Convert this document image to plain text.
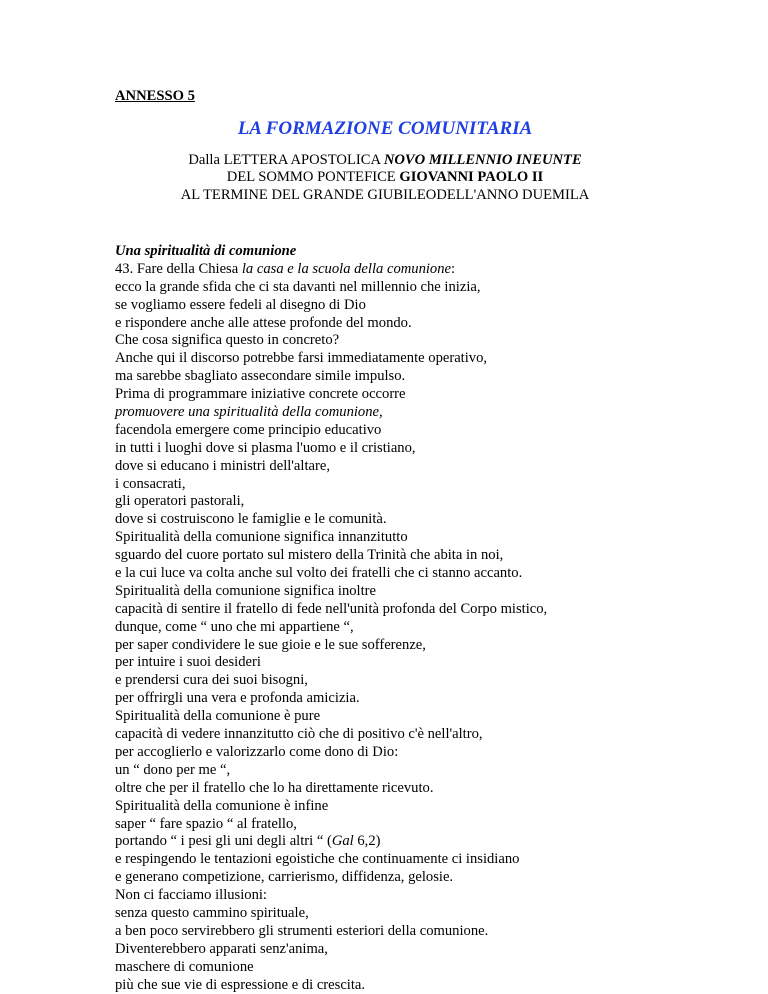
ANNESSO 5
LA FORMAZIONE COMUNITARIA
Dalla LETTERA APOSTOLICA NOVO MILLENNIO INEUNTE
DEL SOMMO PONTEFICE GIOVANNI PAOLO II
AL TERMINE DEL GRANDE GIUBILEODELL'ANNO DUEMILA
Una spiritualità di comunione
43. Fare della Chiesa la casa e la scuola della comunione:
ecco la grande sfida che ci sta davanti nel millennio che inizia,
se vogliamo essere fedeli al disegno di Dio
e rispondere anche alle attese profonde del mondo.
Che cosa significa questo in concreto?
Anche qui il discorso potrebbe farsi immediatamente operativo,
ma sarebbe sbagliato assecondare simile impulso.
Prima di programmare iniziative concrete occorre
promuovere una spiritualità della comunione,
facendola emergere come principio educativo
in tutti i luoghi dove si plasma l'uomo e il cristiano,
dove si educano i ministri dell'altare,
i consacrati,
gli operatori pastorali,
dove si costruiscono le famiglie e le comunità.
Spiritualità della comunione significa innanzitutto
sguardo del cuore portato sul mistero della Trinità che abita in noi,
e la cui luce va colta anche sul volto dei fratelli che ci stanno accanto.
Spiritualità della comunione significa inoltre
capacità di sentire il fratello di fede nell'unità profonda del Corpo mistico,
dunque, come “ uno che mi appartiene “,
per saper condividere le sue gioie e le sue sofferenze,
per intuire i suoi desideri
e prendersi cura dei suoi bisogni,
per offrirgli una vera e profonda amicizia.
Spiritualità della comunione è pure
capacità di vedere innanzitutto ciò che di positivo c'è nell'altro,
per accoglierlo e valorizzarlo come dono di Dio:
un “ dono per me “,
oltre che per il fratello che lo ha direttamente ricevuto.
Spiritualità della comunione è infine
saper “ fare spazio “ al fratello,
portando “ i pesi gli uni degli altri “ (Gal 6,2)
e respingendo le tentazioni egoistiche che continuamente ci insidiano
e generano competizione, carrierismo, diffidenza, gelosie.
Non ci facciamo illusioni:
senza questo cammino spirituale,
a ben poco servirebbero gli strumenti esteriori della comunione.
Diventerebbero apparati senz'anima,
maschere di comunione
più che sue vie di espressione e di crescita.
